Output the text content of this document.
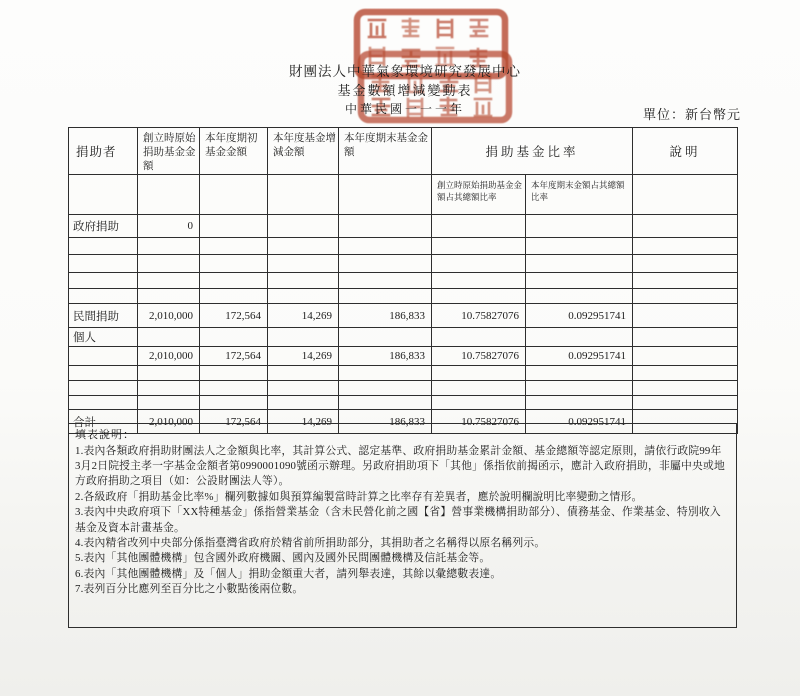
財團法人中華氣象環境研究發展中心
基金數額增減變動表
中華民國一一一年	單位：新台幣元
捐助者	創立時原始捐助基金金額	本年度期初基金金額	本年度基金增減金額	本年度期末基金金額	捐助基金比率		說明
					創立時原始捐助基金金額占其總額比率	本年度期末金額占其總額比率	
政府捐助	0						

民間捐助	2,010,000	172,564	14,269	186,833	10.75827076	0.092951741	
個人							
	2,010,000	172,564	14,269	186,833	10.75827076	0.092951741	

合計	2,010,000	172,564	14,269	186,833	10.75827076	0.092951741	
填表說明：
1.表內各類政府捐助財團法人之金額與比率，其計算公式、認定基準、政府捐助基金累計金額、基金總額等認定原則，請依行政院99年3月2日院授主孝一字基金金額者第0990001090號函示辦理。另政府捐助項下「其他」係指依前揭函示，應計入政府捐助，非屬中央或地方政府捐助之項目（如：公設財團法人等）。
2.各級政府「捐助基金比率%」欄列數據如與預算編製當時計算之比率存有差異者，應於說明欄說明比率變動之情形。
3.表內中央政府項下「XX特種基金」係指營業基金（含未民營化前之國【省】營事業機構捐助部分）、債務基金、作業基金、特別收入基金及資本計畫基金。
4.表內精省改列中央部分係指臺灣省政府於精省前所捐助部分，其捐助者之名稱得以原名稱列示。
5.表內「其他團體機構」包含國外政府機關、國內及國外民間團體機構及信託基金等。
6.表內「其他團體機構」及「個人」捐助金額重大者，請列舉表達，其餘以彙總數表達。
7.表列百分比應列至百分比之小數點後兩位數。
